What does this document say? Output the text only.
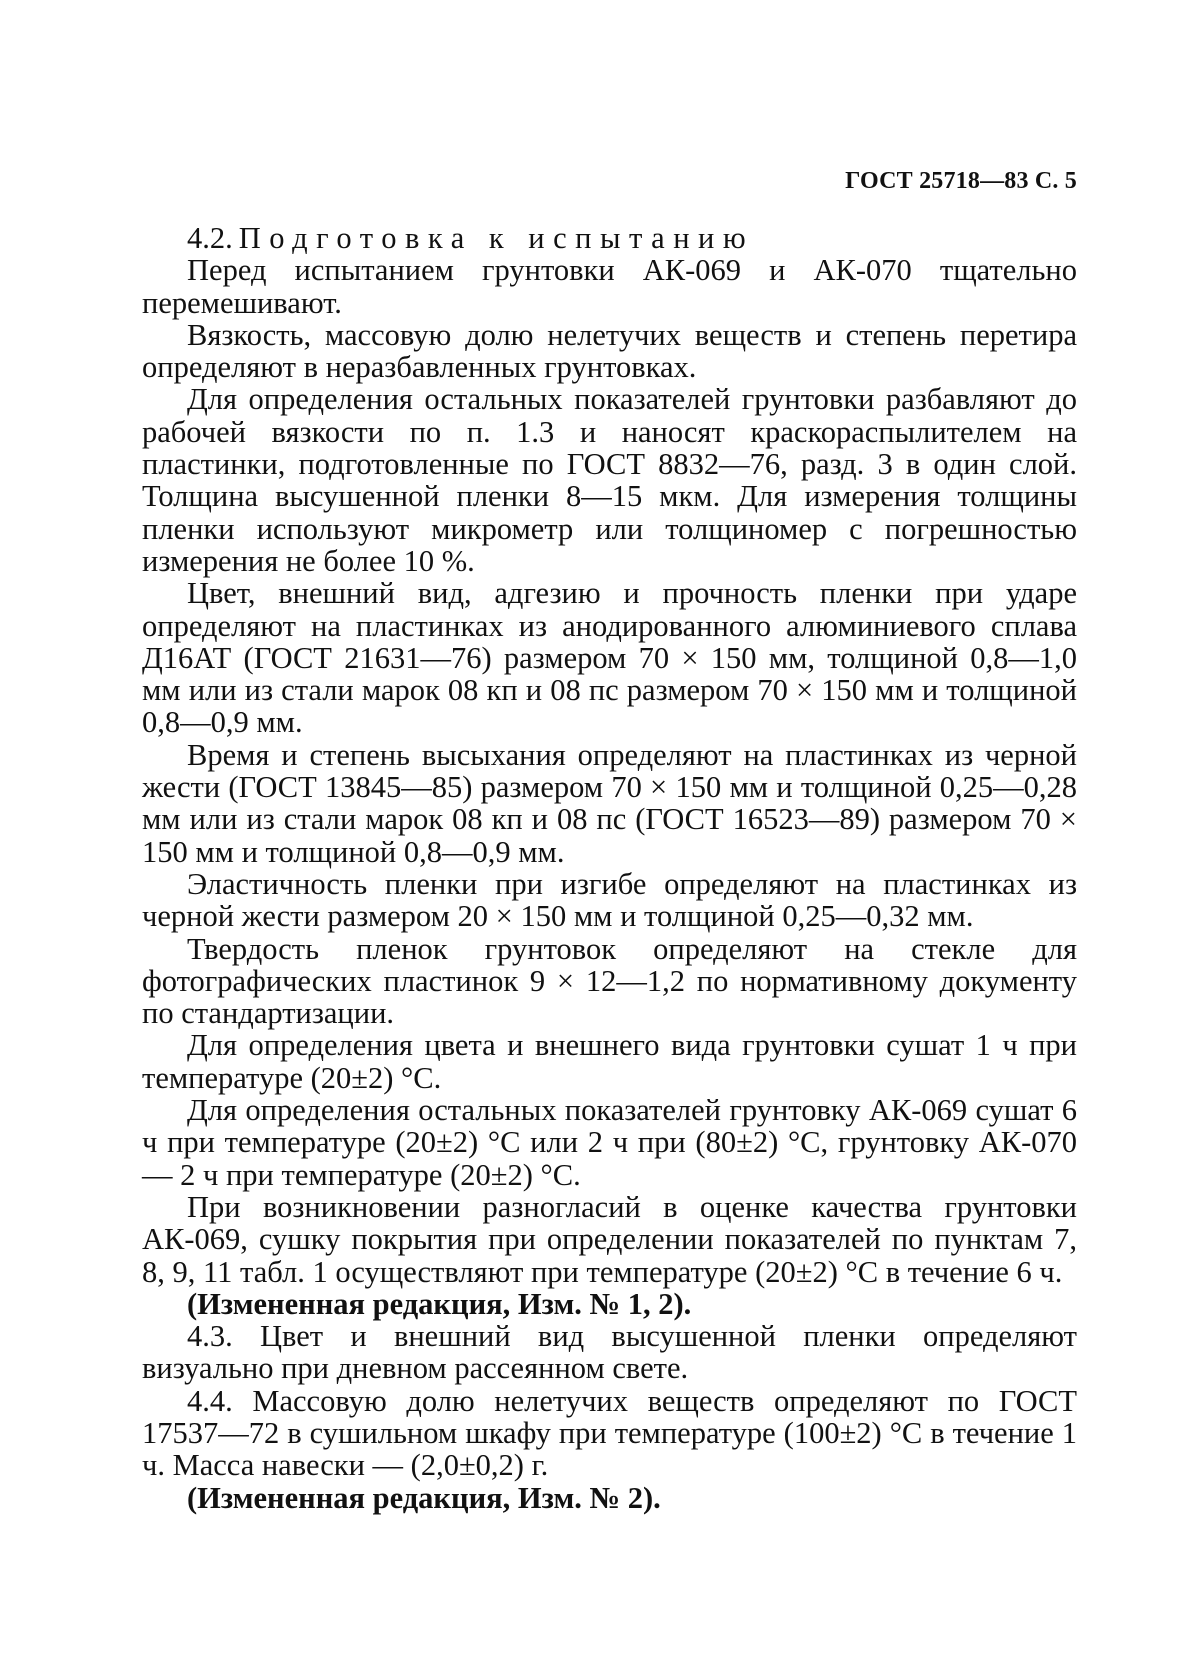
ГОСТ 25718—83 С. 5

4.2. Подготовка к испытанию

Перед испытанием грунтовки АК-069 и АК-070 тщательно перемешивают.

Вязкость, массовую долю нелетучих веществ и степень перетира определяют в неразбавленных грунтовках.

Для определения остальных показателей грунтовки разбавляют до рабочей вязкости по п. 1.3 и наносят краскораспылителем на пластинки, подготовленные по ГОСТ 8832—76, разд. 3 в один слой. Толщина высушенной пленки 8—15 мкм. Для измерения толщины пленки используют микрометр или толщиномер с погрешностью измерения не более 10 %.

Цвет, внешний вид, адгезию и прочность пленки при ударе определяют на пластинках из анодированного алюминиевого сплава Д16АТ (ГОСТ 21631—76) размером 70 × 150 мм, толщиной 0,8—1,0 мм или из стали марок 08 кп и 08 пс размером 70 × 150 мм и толщиной 0,8—0,9 мм.

Время и степень высыхания определяют на пластинках из черной жести (ГОСТ 13845—85) размером 70 × 150 мм и толщиной 0,25—0,28 мм или из стали марок 08 кп и 08 пс (ГОСТ 16523—89) размером 70 × 150 мм и толщиной 0,8—0,9 мм.

Эластичность пленки при изгибе определяют на пластинках из черной жести размером 20 × 150 мм и толщиной 0,25—0,32 мм.

Твердость пленок грунтовок определяют на стекле для фотографических пластинок 9 × 12—1,2 по нормативному документу по стандартизации.

Для определения цвета и внешнего вида грунтовки сушат 1 ч при температуре (20±2) °С.

Для определения остальных показателей грунтовку АК-069 сушат 6 ч при температуре (20±2) °С или 2 ч при (80±2) °С, грунтовку АК-070 — 2 ч при температуре (20±2) °С.

При возникновении разногласий в оценке качества грунтовки АК-069, сушку покрытия при определении показателей по пунктам 7, 8, 9, 11 табл. 1 осуществляют при температуре (20±2) °С в течение 6 ч.

(Измененная редакция, Изм. № 1, 2).

4.3. Цвет и внешний вид высушенной пленки определяют визуально при дневном рассеянном свете.

4.4. Массовую долю нелетучих веществ определяют по ГОСТ 17537—72 в сушильном шкафу при температуре (100±2) °С в течение 1 ч. Масса навески — (2,0±0,2) г.

(Измененная редакция, Изм. № 2).
